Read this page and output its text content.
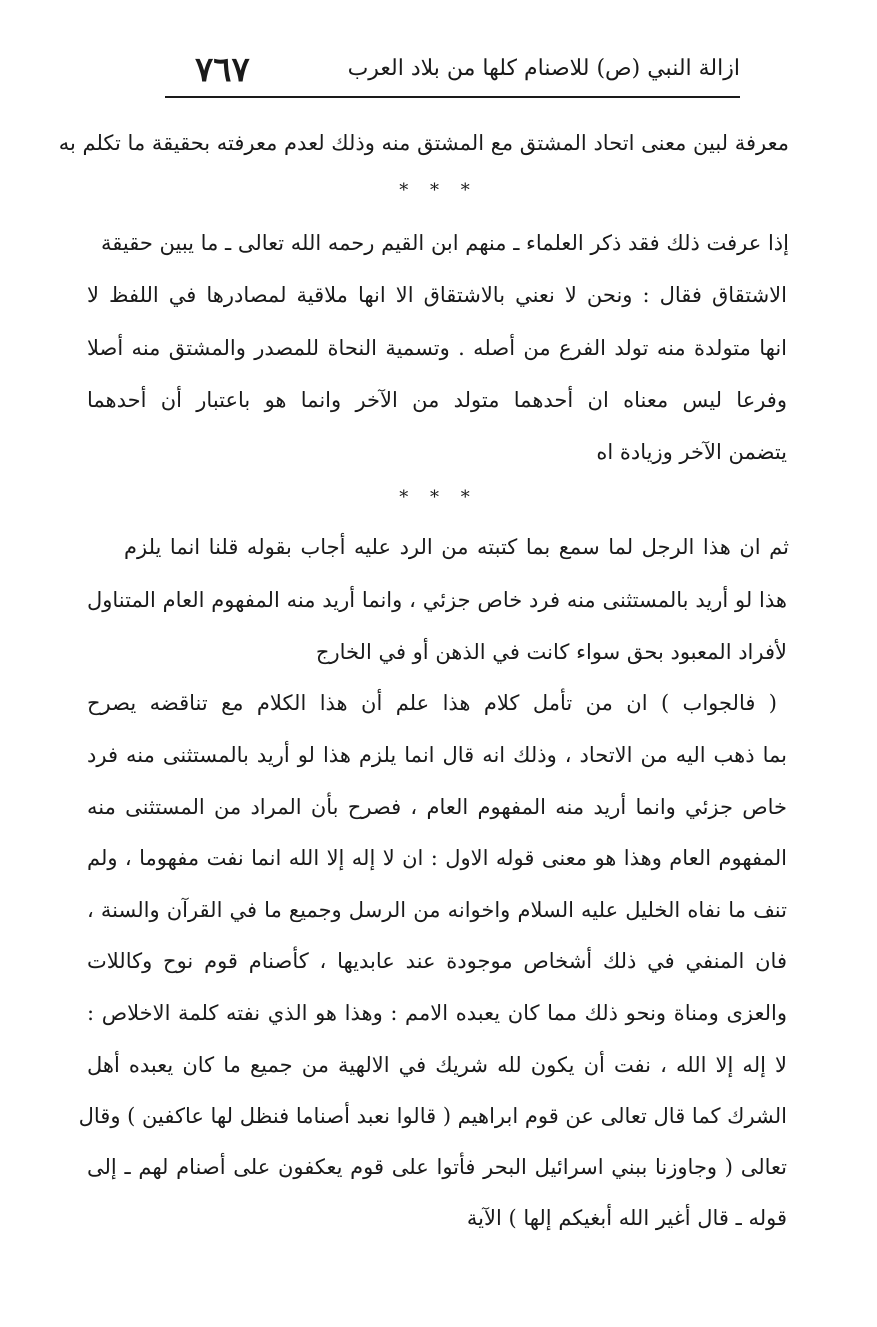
ازالة النبي (ص) للاصنام كلها من بلاد العرب
٧٦٧
معرفة لبين معنى اتحاد المشتق مع المشتق منه وذلك لعدم معرفته بحقيقة ما تكلم به
* * *
إذا عرفت ذلك فقد ذكر العلماء ـ منهم ابن القيم رحمه الله تعالى ـ ما يبين حقيقة
الاشتقاق فقال : ونحن لا نعني بالاشتقاق الا انها ملاقية لمصادرها في اللفظ لا
انها متولدة منه تولد الفرع من أصله . وتسمية النحاة للمصدر والمشتق منه أصلا
وفرعا ليس معناه ان أحدهما متولد من الآخر وانما هو باعتبار أن أحدهما
يتضمن الآخر وزيادة اه
* * *
ثم ان هذا الرجل لما سمع بما كتبته من الرد عليه أجاب بقوله قلنا انما يلزم
هذا لو أريد بالمستثنى منه فرد خاص جزئي ، وانما أريد منه المفهوم العام المتناول
لأفراد المعبود بحق سواء كانت في الذهن أو في الخارج
( فالجواب ) ان من تأمل كلام هذا علم أن هذا الكلام مع تناقضه يصرح
بما ذهب اليه من الاتحاد ، وذلك انه قال انما يلزم هذا لو أريد بالمستثنى منه فرد
خاص جزئي وانما أريد منه المفهوم العام ، فصرح بأن المراد من المستثنى منه
المفهوم العام وهذا هو معنى قوله الاول : ان لا إله إلا الله انما نفت مفهوما ، ولم
تنف ما نفاه الخليل عليه السلام واخوانه من الرسل وجميع ما في القرآن والسنة ،
فان المنفي في ذلك أشخاص موجودة عند عابديها ، كأصنام قوم نوح وكاللات
والعزى ومناة ونحو ذلك مما كان يعبده الامم : وهذا هو الذي نفته كلمة الاخلاص :
لا إله إلا الله ، نفت أن يكون لله شريك في الالهية من جميع ما كان يعبده أهل
الشرك كما قال تعالى عن قوم ابراهيم ( قالوا نعبد أصناما فنظل لها عاكفين ) وقال
تعالى ( وجاوزنا ببني اسرائيل البحر فأتوا على قوم يعكفون على أصنام لهم ـ إلى
قوله ـ قال أغير الله أبغيكم إلها ) الآية
